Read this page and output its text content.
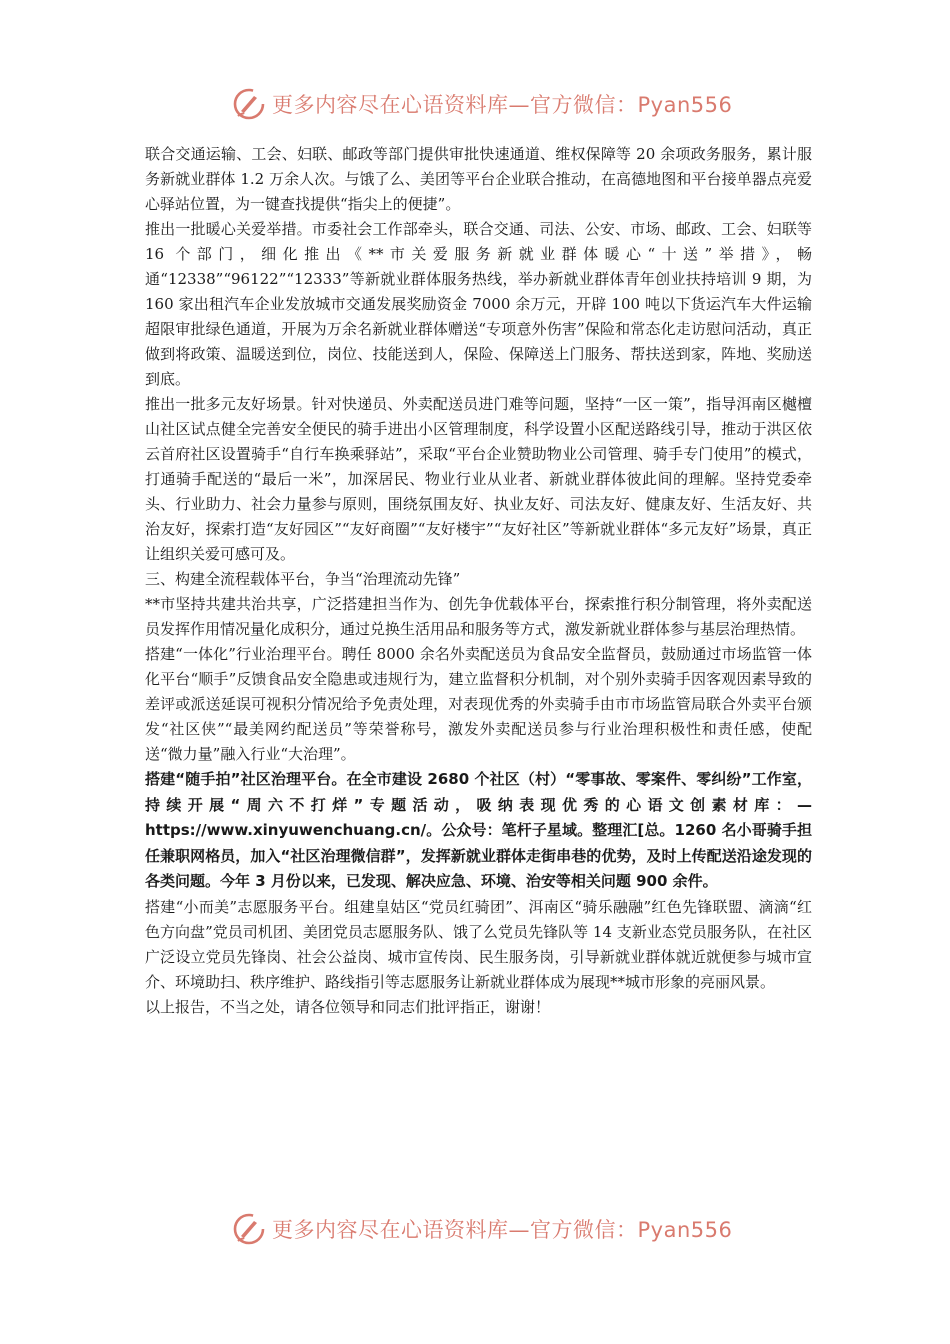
更多内容尽在心语资料库—官方微信：Pyan556

联合交通运输、工会、妇联、邮政等部门提供审批快速通道、维权保障等 20 余项政务服务，累计服务新就业群体 1.2 万余人次。与饿了么、美团等平台企业联合推动，在高德地图和平台接单器点亮爱心驿站位置，为一键查找提供“指尖上的便捷”。

推出一批暖心关爱举措。市委社会工作部牵头，联合交通、司法、公安、市场、邮政、工会、妇联等 16 个部门，细化推出《**市关爱服务新就业群体暖心“十送”举措》，畅通“12338”“96122”“12333”等新就业群体服务热线，举办新就业群体青年创业扶持培训 9 期，为 160 家出租汽车企业发放城市交通发展奖励资金 7000 余万元，开辟 100 吨以下货运汽车大件运输超限审批绿色通道，开展为万余名新就业群体赠送“专项意外伤害”保险和常态化走访慰问活动，真正做到将政策、温暖送到位，岗位、技能送到人，保险、保障送上门服务、帮扶送到家，阵地、奖励送到底。

推出一批多元友好场景。针对快递员、外卖配送员进门难等问题，坚持“一区一策”，指导洱南区樾檀山社区试点健全完善安全便民的骑手进出小区管理制度，科学设置小区配送路线引导，推动于洪区依云首府社区设置骑手“自行车换乘驿站”，采取“平台企业赞助物业公司管理、骑手专门使用”的模式，打通骑手配送的“最后一米”，加深居民、物业行业从业者、新就业群体彼此间的理解。坚持党委牵头、行业助力、社会力量参与原则，围绕氛围友好、执业友好、司法友好、健康友好、生活友好、共治友好，探索打造“友好园区”“友好商圈”“友好楼宇”“友好社区”等新就业群体“多元友好”场景，真正让组织关爱可感可及。

三、构建全流程载体平台，争当“治理流动先锋”

**市坚持共建共治共享，广泛搭建担当作为、创先争优载体平台，探索推行积分制管理，将外卖配送员发挥作用情况量化成积分，通过兑换生活用品和服务等方式，激发新就业群体参与基层治理热情。

搭建“一体化”行业治理平台。聘任 8000 余名外卖配送员为食品安全监督员，鼓励通过市场监管一体化平台“顺手”反馈食品安全隐患或违规行为，建立监督积分机制，对个别外卖骑手因客观因素导致的差评或派送延误可视积分情况给予免责处理，对表现优秀的外卖骑手由市市场监管局联合外卖平台颁发“社区侠”“最美网约配送员”等荣誉称号，激发外卖配送员参与行业治理积极性和责任感，使配送“微力量”融入行业“大治理”。

搭建“随手拍”社区治理平台。在全市建设 2680 个社区（村）“零事故、零案件、零纠纷”工作室，持续开展“周六不打烊”专题活动，吸纳表现优秀的心语文创素材库：—https://www.xinyuwenchuang.cn/。公众号：笔杆子星域。整理汇[总。1260 名小哥骑手担任兼职网格员，加入“社区治理微信群”，发挥新就业群体走街串巷的优势，及时上传配送沿途发现的各类问题。今年 3 月份以来，已发现、解决应急、环境、治安等相关问题 900 余件。

搭建“小而美”志愿服务平台。组建皇姑区“党员红骑团”、洱南区“骑乐融融”红色先锋联盟、滴滴“红色方向盘”党员司机团、美团党员志愿服务队、饿了么党员先锋队等 14 支新业态党员服务队，在社区广泛设立党员先锋岗、社会公益岗、城市宣传岗、民生服务岗，引导新就业群体就近就便参与城市宣介、环境助扫、秩序维护、路线指引等志愿服务让新就业群体成为展现**城市形象的亮丽风景。

以上报告，不当之处，请各位领导和同志们批评指正，谢谢！

更多内容尽在心语资料库—官方微信：Pyan556
